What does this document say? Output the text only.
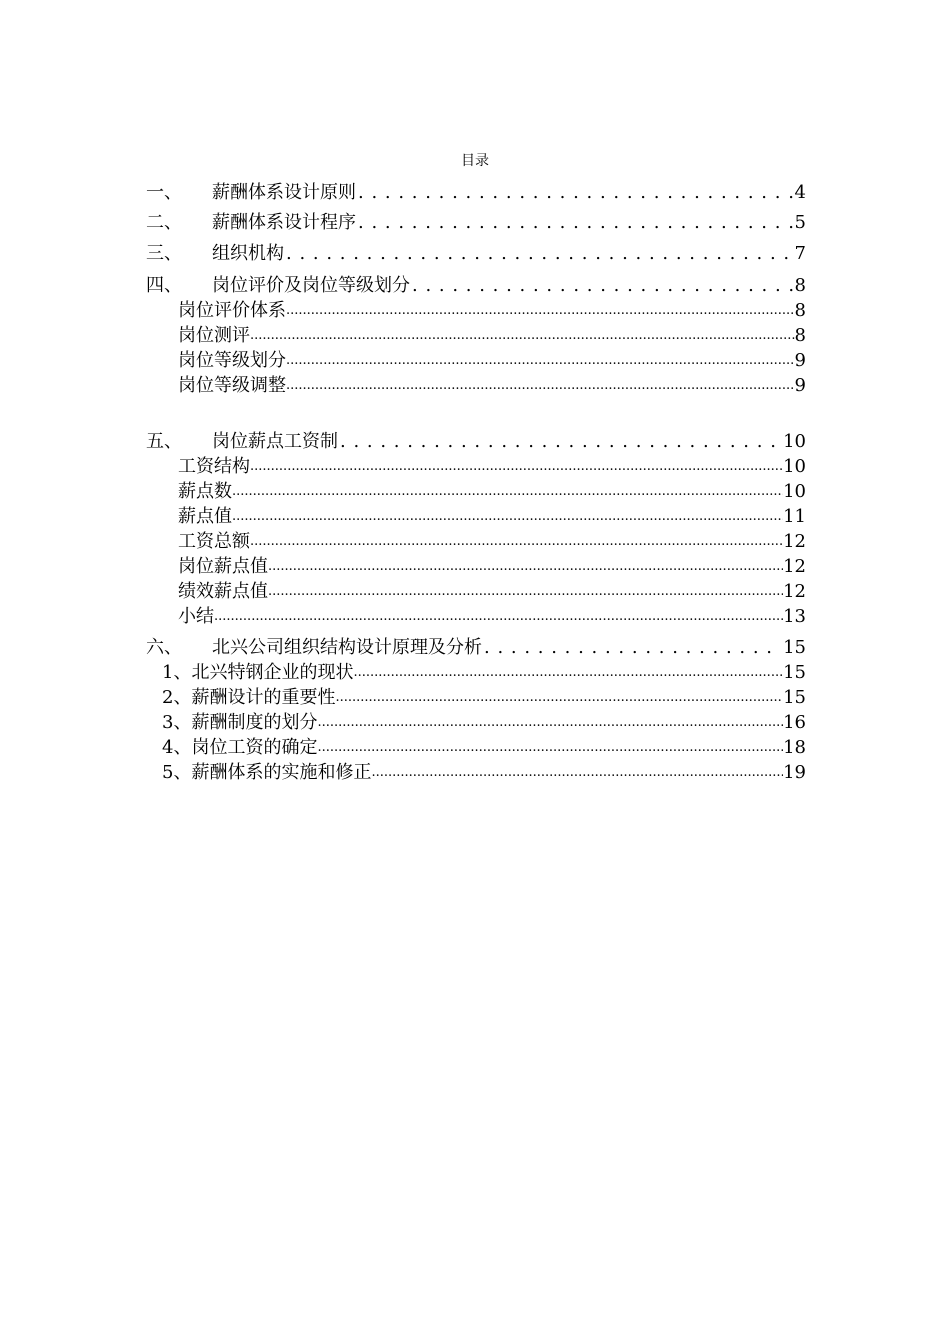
目录
一、	薪酬体系设计原则 . . .	4
二、	薪酬体系设计程序 . . .	5
三、	组织机构 . . .	7
四、	岗位评价及岗位等级划分 . . .	8
岗位评价体系 .....	8
岗位测评 .....	8
岗位等级划分 .....	9
岗位等级调整 .....	9
五、	岗位薪点工资制 . . .	10
工资结构 .....	10
薪点数 .....	10
薪点值 .....	11
工资总额 .....	12
岗位薪点值 .....	12
绩效薪点值 .....	12
小结 .....	13
六、	北兴公司组织结构设计原理及分析 . . .	15
1、北兴特钢企业的现状 .....	15
2、薪酬设计的重要性 .....	15
3、薪酬制度的划分 .....	16
4、岗位工资的确定 .....	18
5、薪酬体系的实施和修正 .....	19
